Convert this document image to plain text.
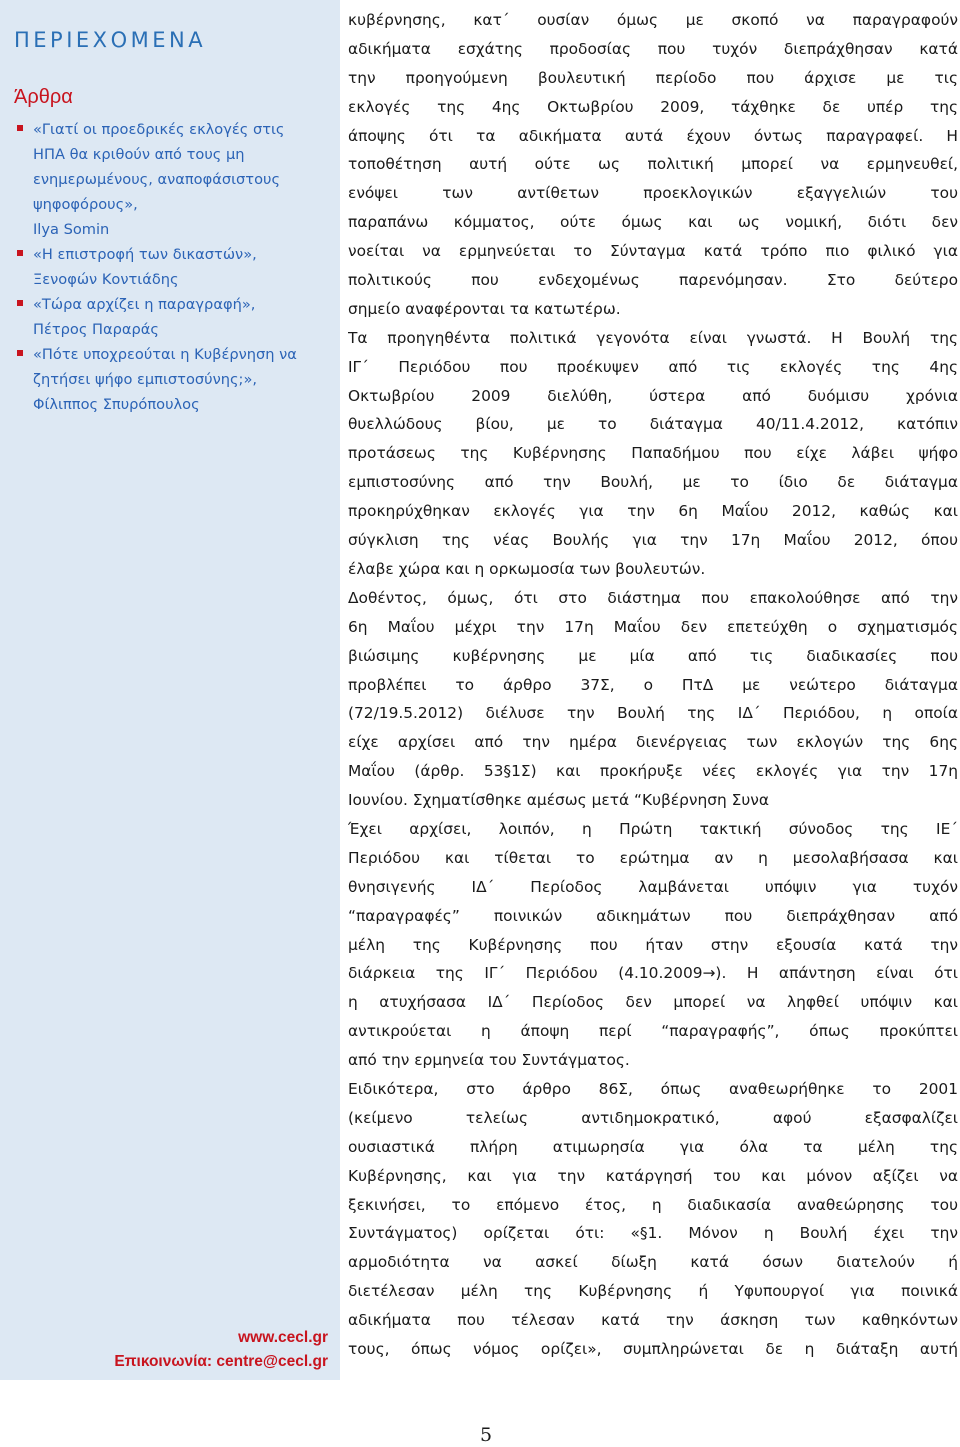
ΠΕΡΙΕΧΟΜΕΝΑ
Άρθρα
«Γιατί οι προεδρικές εκλογές στις
ΗΠΑ θα κριθούν από τους μη
ενημερωμένους, αναποφάσιστους
ψηφοφόρους»,
Ilya Somin
«Η επιστροφή των δικαστών»,
Ξενοφών Κοντιάδης
«Τώρα αρχίζει η παραγραφή»,
Πέτρος Παραράς
«Πότε υποχρεούται η Κυβέρνηση να
ζητήσει ψήφο εμπιστοσύνης;»,
Φίλιππος Σπυρόπουλος
www.cecl.gr
Επικοινωνία: centre@cecl.gr
κυβέρνησης, κατ΄ ουσίαν όμως με σκοπό να παραγραφούν
αδικήματα εσχάτης προδοσίας που τυχόν διεπράχθησαν κατά
την προηγούμενη βουλευτική περίοδο που άρχισε με τις
εκλογές της 4ης Οκτωβρίου 2009, τάχθηκε δε υπέρ της
άποψης ότι τα αδικήματα αυτά έχουν όντως παραγραφεί. Η
τοποθέτηση αυτή ούτε ως πολιτική μπορεί να ερμηνευθεί,
ενόψει των αντίθετων προεκλογικών εξαγγελιών του
παραπάνω κόμματος, ούτε όμως και ως νομική, διότι δεν
νοείται να ερμηνεύεται το Σύνταγμα κατά τρόπο πιο φιλικό για
πολιτικούς που ενδεχομένως παρενόμησαν. Στο δεύτερο
σημείο αναφέρονται τα κατωτέρω.
Τα προηγηθέντα πολιτικά γεγονότα είναι γνωστά. Η Βουλή της
ΙΓ΄ Περιόδου που προέκυψεν από τις εκλογές της 4ης
Οκτωβρίου 2009 διελύθη, ύστερα από δυόμισυ χρόνια
θυελλώδους βίου, με το διάταγμα 40/11.4.2012, κατόπιν
προτάσεως της Κυβέρνησης Παπαδήμου που είχε λάβει ψήφο
εμπιστοσύνης από την Βουλή, με το ίδιο δε διάταγμα
προκηρύχθηκαν εκλογές για την 6η Μαΐου 2012, καθώς και
σύγκλιση της νέας Βουλής για την 17η Μαΐου 2012, όπου
έλαβε χώρα και η ορκωμοσία των βουλευτών.
Δοθέντος, όμως, ότι στο διάστημα που επακολούθησε από την
6η Μαΐου μέχρι την 17η Μαΐου δεν επετεύχθη ο σχηματισμός
βιώσιμης κυβέρνησης με μία από τις διαδικασίες που
προβλέπει το άρθρο 37Σ, ο ΠτΔ με νεώτερο διάταγμα
(72/19.5.2012) διέλυσε την Βουλή της ΙΔ΄ Περιόδου, η οποία
είχε αρχίσει από την ημέρα διενέργειας των εκλογών της 6ης
Μαΐου (άρθρ. 53§1Σ) και προκήρυξε νέες εκλογές για την 17η
Ιουνίου. Σχηματίσθηκε αμέσως μετά “Κυβέρνηση Συνα
Έχει αρχίσει, λοιπόν, η Πρώτη τακτική σύνοδος της ΙΕ΄
Περιόδου και τίθεται το ερώτημα αν η μεσολαβήσασα και
θνησιγενής ΙΔ΄ Περίοδος λαμβάνεται υπόψιν για τυχόν
“παραγραφές” ποινικών αδικημάτων που διεπράχθησαν από
μέλη της Κυβέρνησης που ήταν στην εξουσία κατά την
διάρκεια της ΙΓ΄ Περιόδου (4.10.2009→). Η απάντηση είναι ότι
η ατυχήσασα ΙΔ΄ Περίοδος δεν μπορεί να ληφθεί υπόψιν και
αντικρούεται η άποψη περί “παραγραφής”, όπως προκύπτει
από την ερμηνεία του Συντάγματος.
Ειδικότερα, στο άρθρο 86Σ, όπως αναθεωρήθηκε το 2001
(κείμενο τελείως αντιδημοκρατικό, αφού εξασφαλίζει
ουσιαστικά πλήρη ατιμωρησία για όλα τα μέλη της
Κυβέρνησης, και για την κατάργησή του και μόνον αξίζει να
ξεκινήσει, το επόμενο έτος, η διαδικασία αναθεώρησης του
Συντάγματος) ορίζεται ότι: «§1. Μόνον η Βουλή έχει την
αρμοδιότητα να ασκεί δίωξη κατά όσων διατελούν ή
διετέλεσαν μέλη της Κυβέρνησης ή Υφυπουργοί για ποινικά
αδικήματα που τέλεσαν κατά την άσκηση των καθηκόντων
τους, όπως νόμος ορίζει», συμπληρώνεται δε η διάταξη αυτή
5
